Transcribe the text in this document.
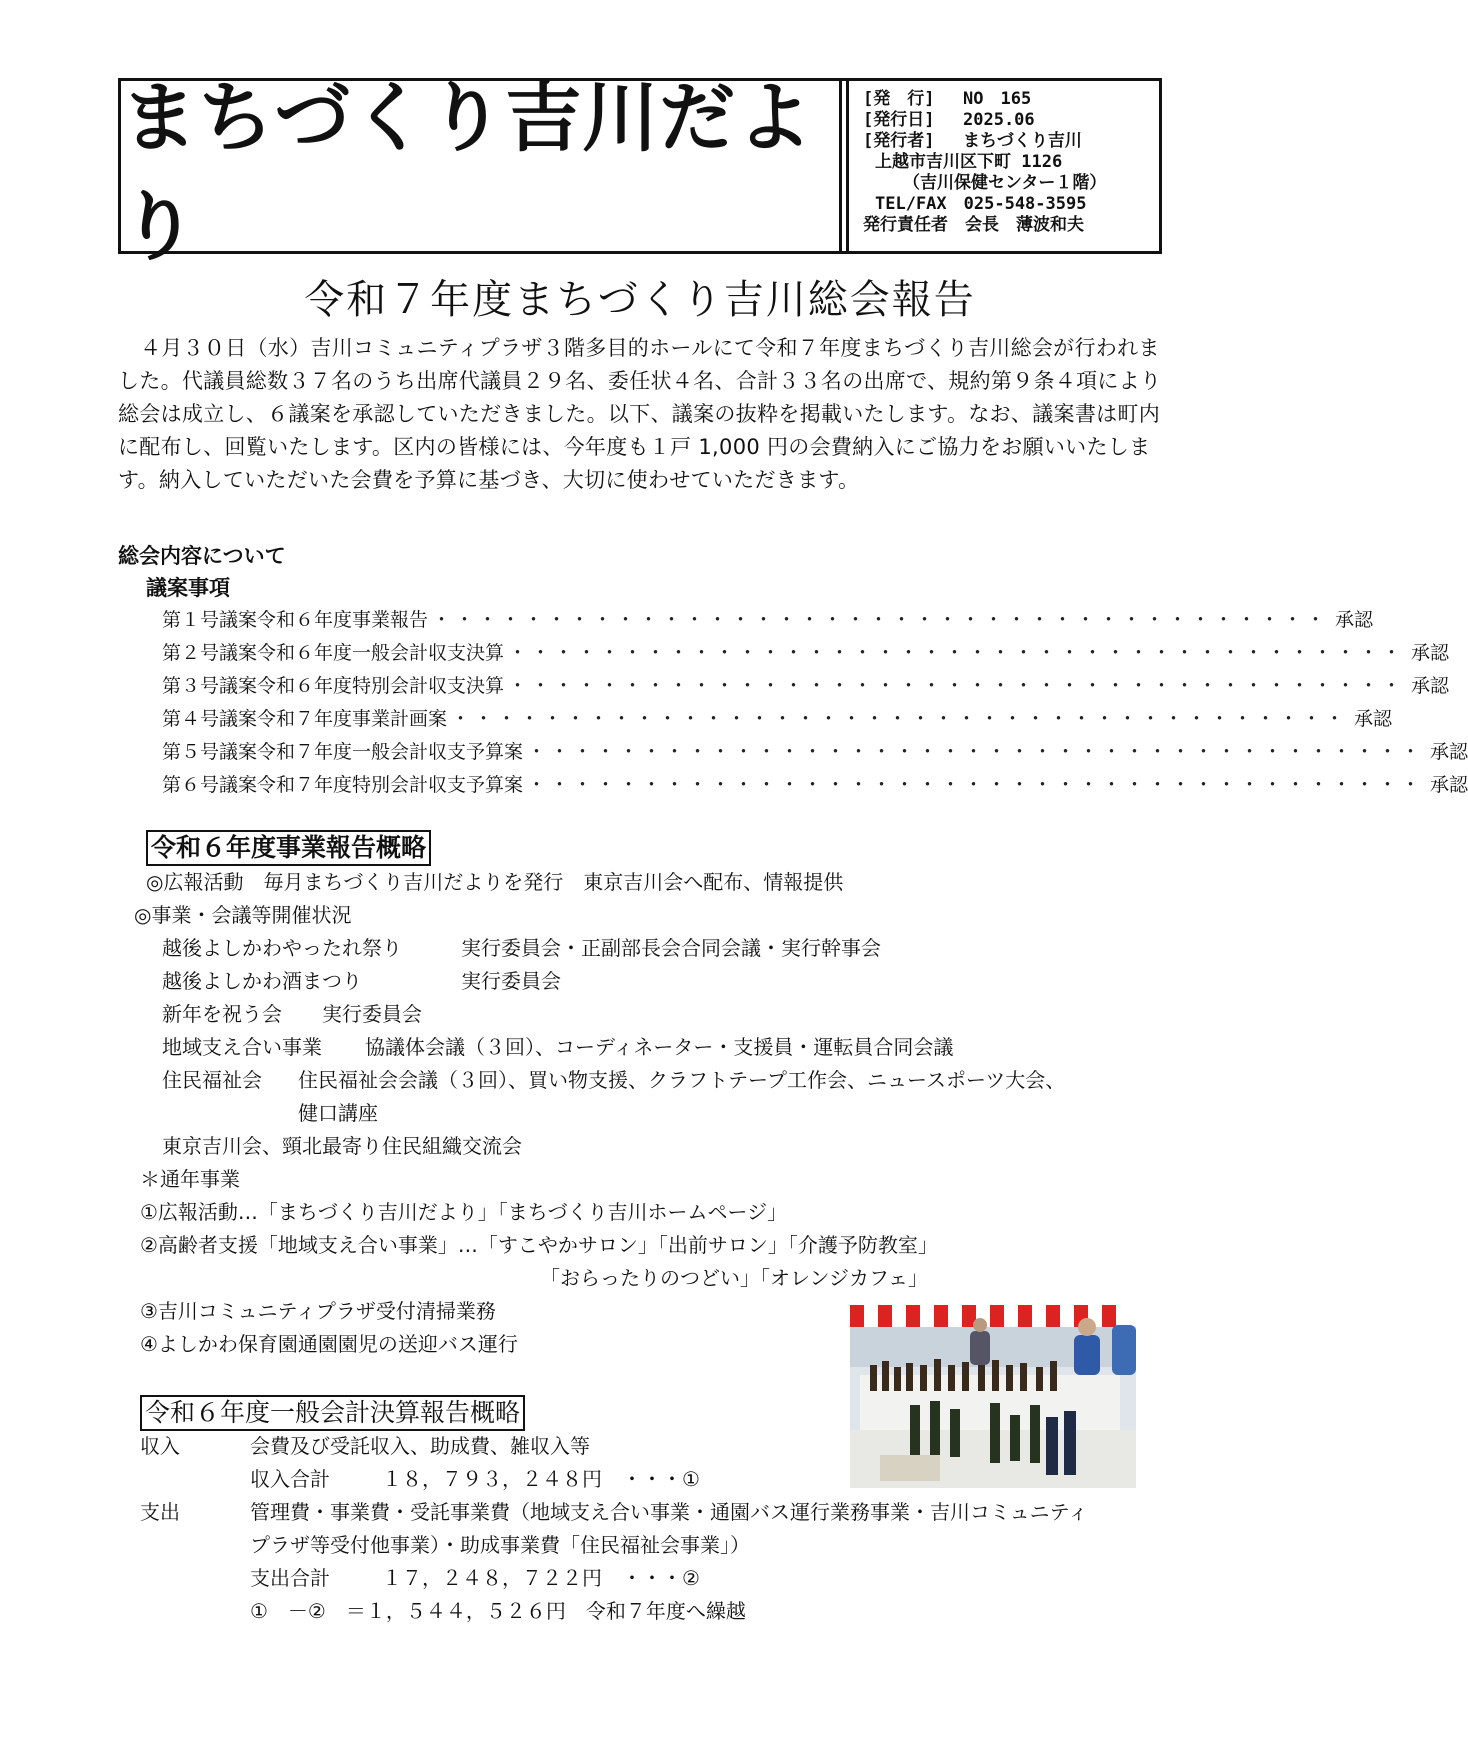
まちづくり吉川だより
[発　行] NO　165
[発行日] 2025.06
[発行者] まちづくり吉川
上越市吉川区下町 1126
（吉川保健センター１階）
TEL/FAX　025-548-3595
発行責任者　会長　薄波和夫
令和７年度まちづくり吉川総会報告
４月３０日（水）吉川コミュニティプラザ３階多目的ホールにて令和７年度まちづくり吉川総会が行われました。代議員総数３７名のうち出席代議員２９名、委任状４名、合計３３名の出席で、規約第９条４項により総会は成立し、６議案を承認していただきました。以下、議案の抜粋を掲載いたします。なお、議案書は町内に配布し、回覧いたします。区内の皆様には、今年度も１戸 1,000 円の会費納入にご協力をお願いいたします。納入していただいた会費を予算に基づき、大切に使わせていただきます。
総会内容について
議案事項
第１号議案 令和６年度事業報告 ・・・・・・・・・・・・・・・・・・・・・・・・・・・・・・・・・・・・・・・ 承認
第２号議案 令和６年度一般会計収支決算 ・・・・・・・・・・・・・・・・・・・・・・・・・・・・・・・・・・・・・・・ 承認
第３号議案 令和６年度特別会計収支決算 ・・・・・・・・・・・・・・・・・・・・・・・・・・・・・・・・・・・・・・・ 承認
第４号議案 令和７年度事業計画案 ・・・・・・・・・・・・・・・・・・・・・・・・・・・・・・・・・・・・・・・ 承認
第５号議案 令和７年度一般会計収支予算案 ・・・・・・・・・・・・・・・・・・・・・・・・・・・・・・・・・・・・・・・ 承認
第６号議案 令和７年度特別会計収支予算案 ・・・・・・・・・・・・・・・・・・・・・・・・・・・・・・・・・・・・・・・ 承認
令和６年度事業報告概略
◎広報活動　毎月まちづくり吉川だよりを発行　東京吉川会へ配布、情報提供
◎事業・会議等開催状況
越後よしかわやったれ祭り	実行委員会・正副部長会合同会議・実行幹事会
越後よしかわ酒まつり	実行委員会
新年を祝う会 実行委員会
地域支え合い事業 協議体会議（３回）、コーディネーター・支援員・運転員合同会議
住民福祉会 住民福祉会会議（３回）、買い物支援、クラフトテープ工作会、ニュースポーツ大会、
健口講座
東京吉川会、頸北最寄り住民組織交流会
＊通年事業
①広報活動…「まちづくり吉川だより」「まちづくり吉川ホームページ」
②高齢者支援「地域支え合い事業」…「すこやかサロン」「出前サロン」「介護予防教室」
「おらったりのつどい」「オレンジカフェ」
③吉川コミュニティプラザ受付清掃業務
④よしかわ保育園通園園児の送迎バス運行
令和６年度一般会計決算報告概略
収入	会費及び受託収入、助成費、雑収入等
収入合計	１８，７９３，２４８円　・・・①
支出	管理費・事業費・受託事業費（地域支え合い事業・通園バス運行業務事業・吉川コミュニティ
プラザ等受付他事業）・助成事業費「住民福祉会事業」）
支出合計	１７，２４８，７２２円　・・・②
①　－②　＝１，５４４，５２６円　令和７年度へ繰越
